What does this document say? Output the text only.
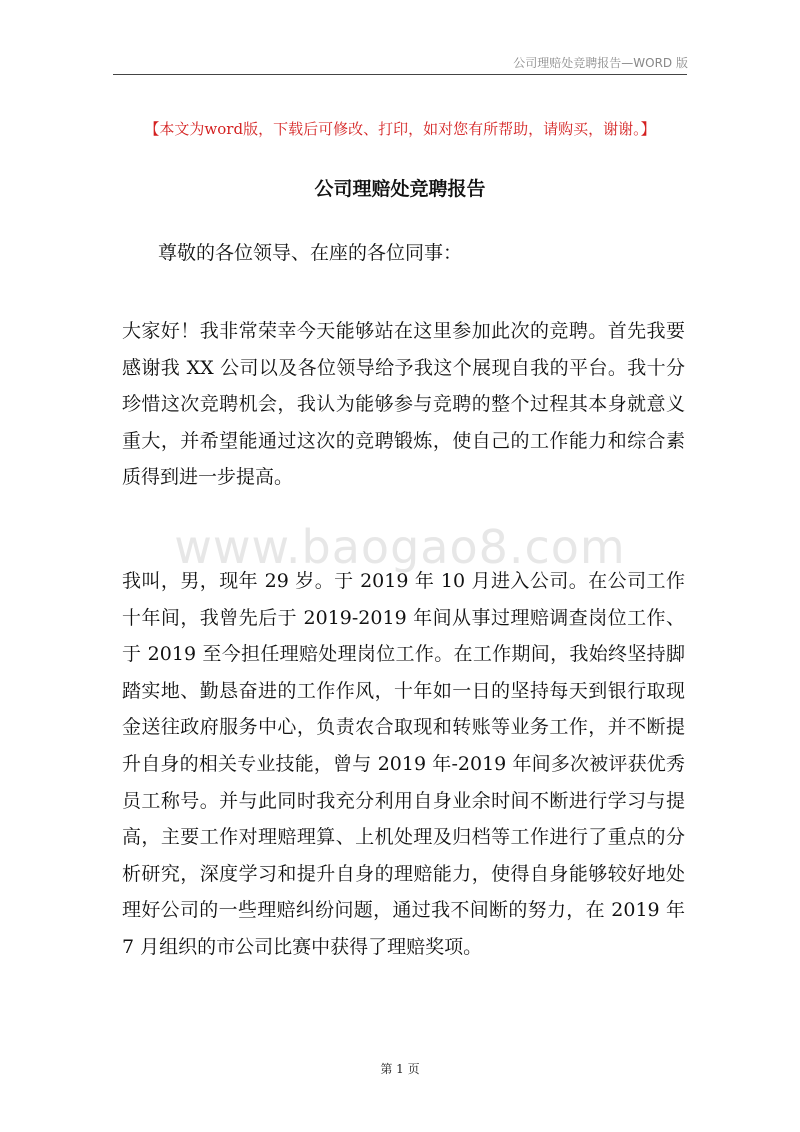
公司理赔处竞聘报告—WORD 版
【本文为word版，下载后可修改、打印，如对您有所帮助，请购买，谢谢。】
公司理赔处竞聘报告
尊敬的各位领导、在座的各位同事：
www.baogao8.com
大家好！我非常荣幸今天能够站在这里参加此次的竞聘。首先我要感谢我 XX 公司以及各位领导给予我这个展现自我的平台。我十分珍惜这次竞聘机会，我认为能够参与竞聘的整个过程其本身就意义重大，并希望能通过这次的竞聘锻炼，使自己的工作能力和综合素质得到进一步提高。
我叫，男，现年 29 岁。于 2019 年 10 月进入公司。在公司工作十年间，我曾先后于 2019-2019 年间从事过理赔调查岗位工作、于 2019 至今担任理赔处理岗位工作。在工作期间，我始终坚持脚踏实地、勤恳奋进的工作作风，十年如一日的坚持每天到银行取现金送往政府服务中心，负责农合取现和转账等业务工作，并不断提升自身的相关专业技能，曾与 2019 年-2019 年间多次被评获优秀员工称号。并与此同时我充分利用自身业余时间不断进行学习与提高，主要工作对理赔理算、上机处理及归档等工作进行了重点的分析研究，深度学习和提升自身的理赔能力，使得自身能够较好地处理好公司的一些理赔纠纷问题，通过我不间断的努力，在 2019 年 7 月组织的市公司比赛中获得了理赔奖项。
第 1 页
